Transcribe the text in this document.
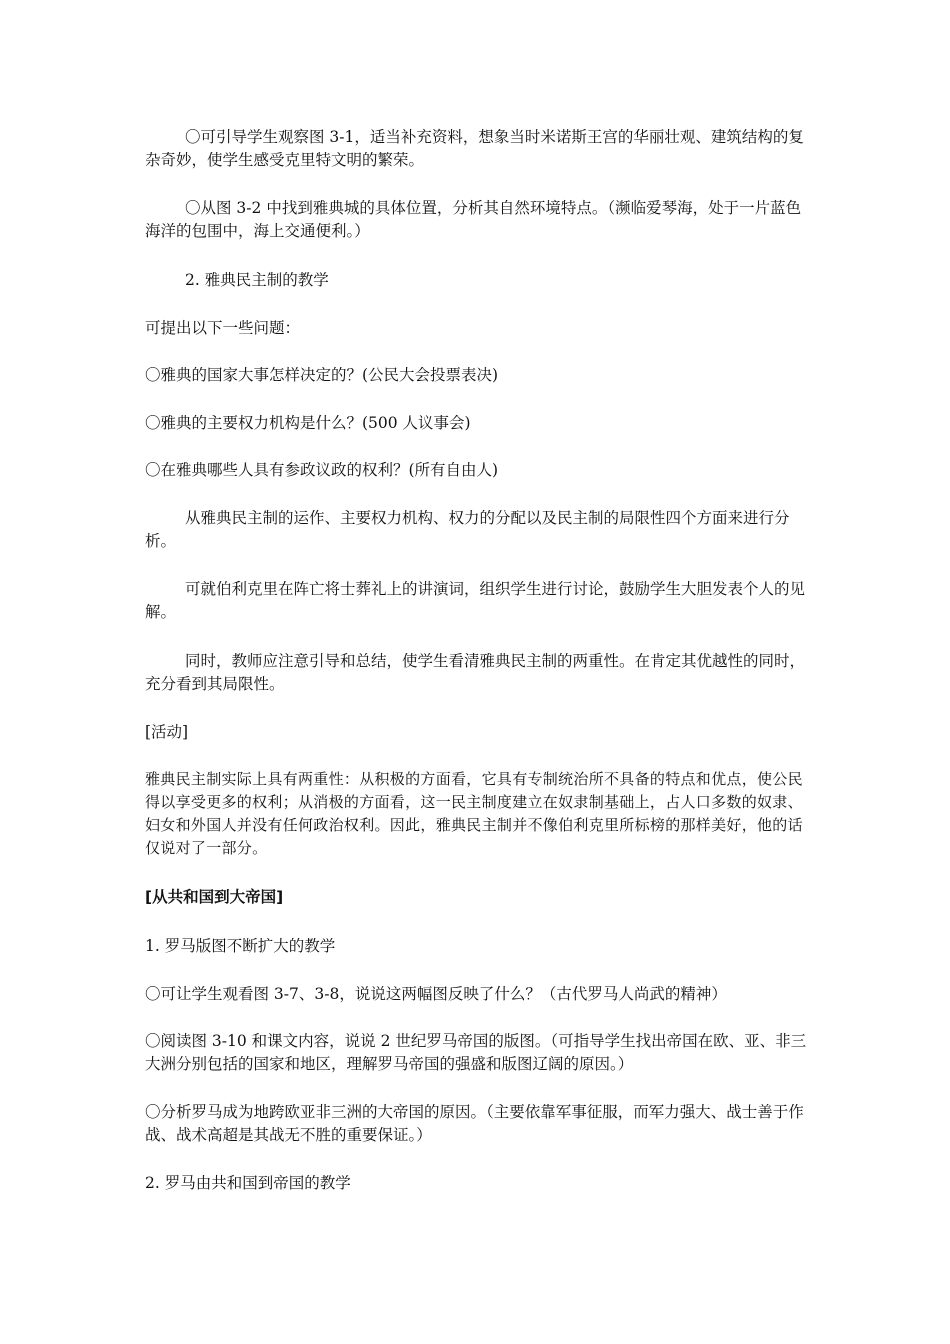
〇可引导学生观察图 3-1，适当补充资料，想象当时米诺斯王宫的华丽壮观、建筑结构的复杂奇妙，使学生感受克里特文明的繁荣。

〇从图 3-2 中找到雅典城的具体位置，分析其自然环境特点。（濒临爱琴海，处于一片蓝色海洋的包围中，海上交通便利。）

2. 雅典民主制的教学

可提出以下一些问题：

〇雅典的国家大事怎样决定的？(公民大会投票表决)

〇雅典的主要权力机构是什么？(500 人议事会)

〇在雅典哪些人具有参政议政的权利？(所有自由人)

从雅典民主制的运作、主要权力机构、权力的分配以及民主制的局限性四个方面来进行分析。

可就伯利克里在阵亡将士葬礼上的讲演词，组织学生进行讨论，鼓励学生大胆发表个人的见解。

同时，教师应注意引导和总结，使学生看清雅典民主制的两重性。在肯定其优越性的同时，充分看到其局限性。

[活动]

雅典民主制实际上具有两重性：从积极的方面看，它具有专制统治所不具备的特点和优点，使公民得以享受更多的权利；从消极的方面看，这一民主制度建立在奴隶制基础上，占人口多数的奴隶、妇女和外国人并没有任何政治权利。因此，雅典民主制并不像伯利克里所标榜的那样美好，他的话仅说对了一部分。

[从共和国到大帝国]

1. 罗马版图不断扩大的教学

〇可让学生观看图 3-7、3-8，说说这两幅图反映了什么？（古代罗马人尚武的精神）

〇阅读图 3-10 和课文内容，说说 2 世纪罗马帝国的版图。（可指导学生找出帝国在欧、亚、非三大洲分别包括的国家和地区，理解罗马帝国的强盛和版图辽阔的原因。）

〇分析罗马成为地跨欧亚非三洲的大帝国的原因。（主要依靠军事征服，而军力强大、战士善于作战、战术高超是其战无不胜的重要保证。）

2. 罗马由共和国到帝国的教学
